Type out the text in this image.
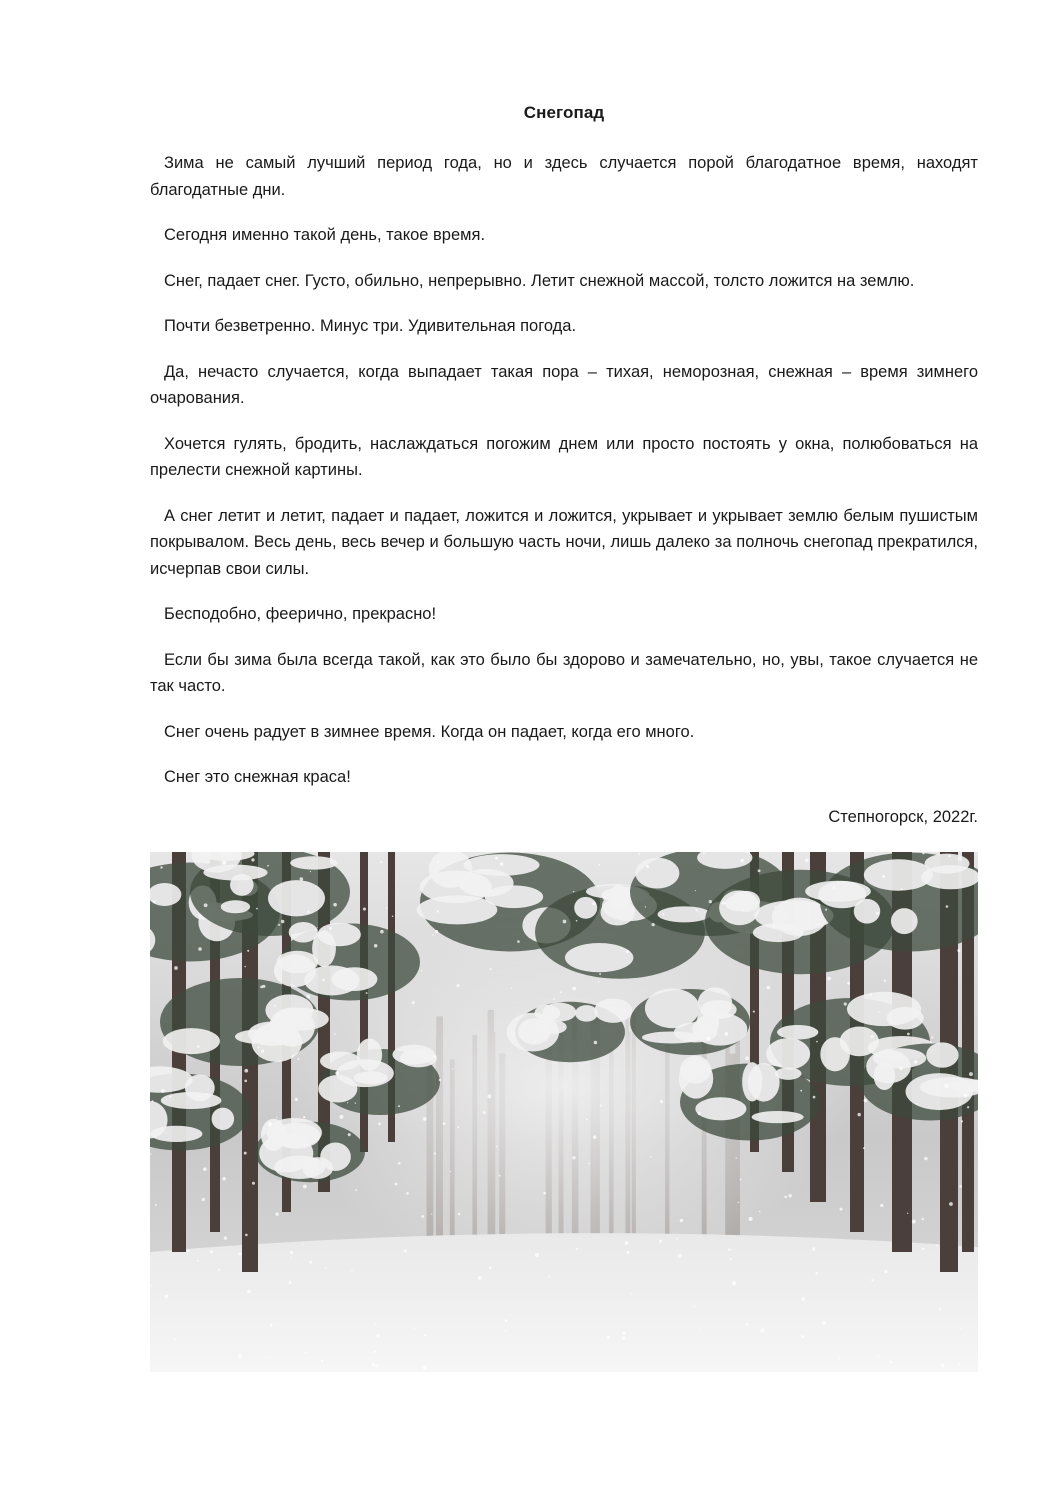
Снегопад

Зима не самый лучший период года, но и здесь случается порой благодатное время, находят благодатные дни.

Сегодня именно такой день, такое время.

Снег, падает снег. Густо, обильно, непрерывно. Летит снежной массой, толсто ложится на землю.

Почти безветренно. Минус три. Удивительная погода.

Да, нечасто случается, когда выпадает такая пора – тихая, неморозная, снежная – время зимнего очарования.

Хочется гулять, бродить, наслаждаться погожим днем или просто постоять у окна, полюбоваться на прелести снежной картины.

А снег летит и летит, падает и падает, ложится и ложится, укрывает и укрывает землю белым пушистым покрывалом. Весь день, весь вечер и большую часть ночи, лишь далеко за полночь снегопад прекратился, исчерпав свои силы.

Бесподобно, феерично, прекрасно!

Если бы зима была всегда такой, как это было бы здорово и замечательно, но, увы, такое случается не так часто.

Снег очень радует в зимнее время. Когда он падает, когда его много.

Снег это снежная краса!

Степногорск, 2022г.
